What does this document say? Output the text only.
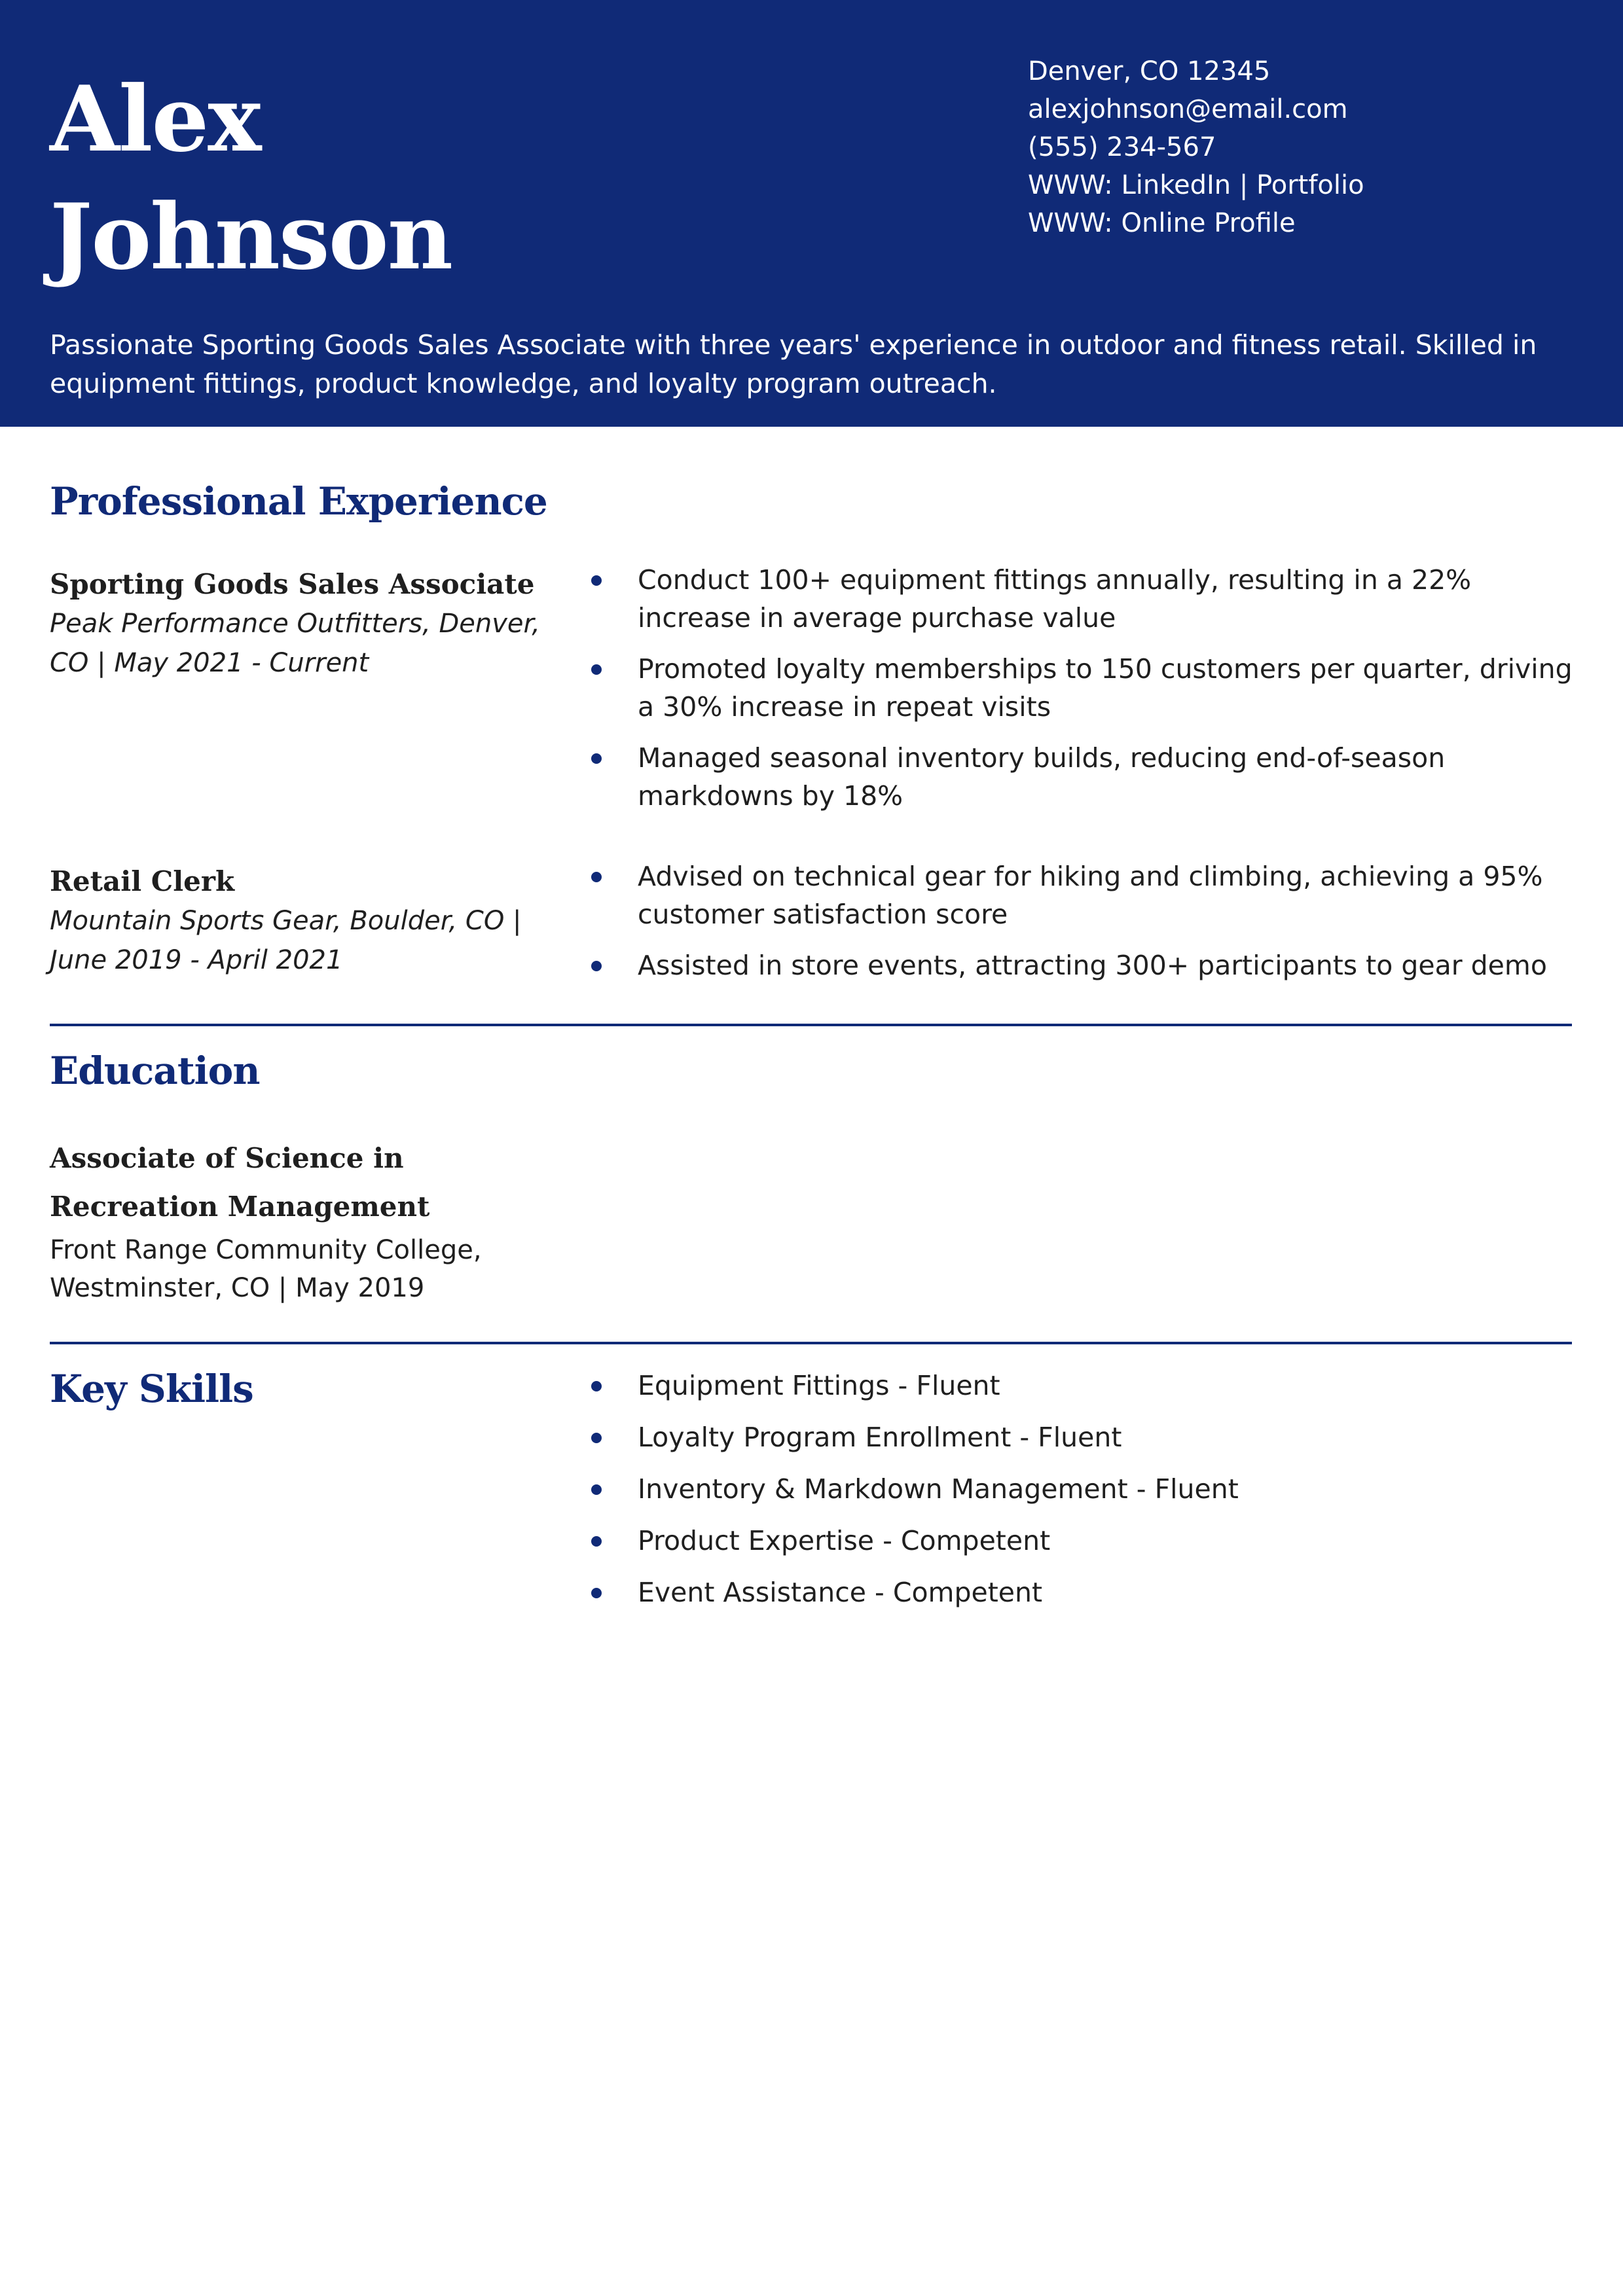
Alex
Johnson
Denver, CO 12345
alexjohnson@email.com
(555) 234-567
WWW: LinkedIn | Portfolio
WWW: Online Profile
Passionate Sporting Goods Sales Associate with three years' experience in outdoor and fitness retail. Skilled in equipment fittings, product knowledge, and loyalty program outreach.
Professional Experience
Sporting Goods Sales Associate
Peak Performance Outfitters, Denver, CO | May 2021 - Current
Conduct 100+ equipment fittings annually, resulting in a 22% increase in average purchase value
Promoted loyalty memberships to 150 customers per quarter, driving a 30% increase in repeat visits
Managed seasonal inventory builds, reducing end-of-season markdowns by 18%
Retail Clerk
Mountain Sports Gear, Boulder, CO | June 2019 - April 2021
Advised on technical gear for hiking and climbing, achieving a 95% customer satisfaction score
Assisted in store events, attracting 300+ participants to gear demo
Education
Associate of Science in Recreation Management
Front Range Community College, Westminster, CO | May 2019
Key Skills	Equipment Fittings - Fluent
Loyalty Program Enrollment - Fluent
Inventory & Markdown Management - Fluent
Product Expertise - Competent
Event Assistance - Competent
